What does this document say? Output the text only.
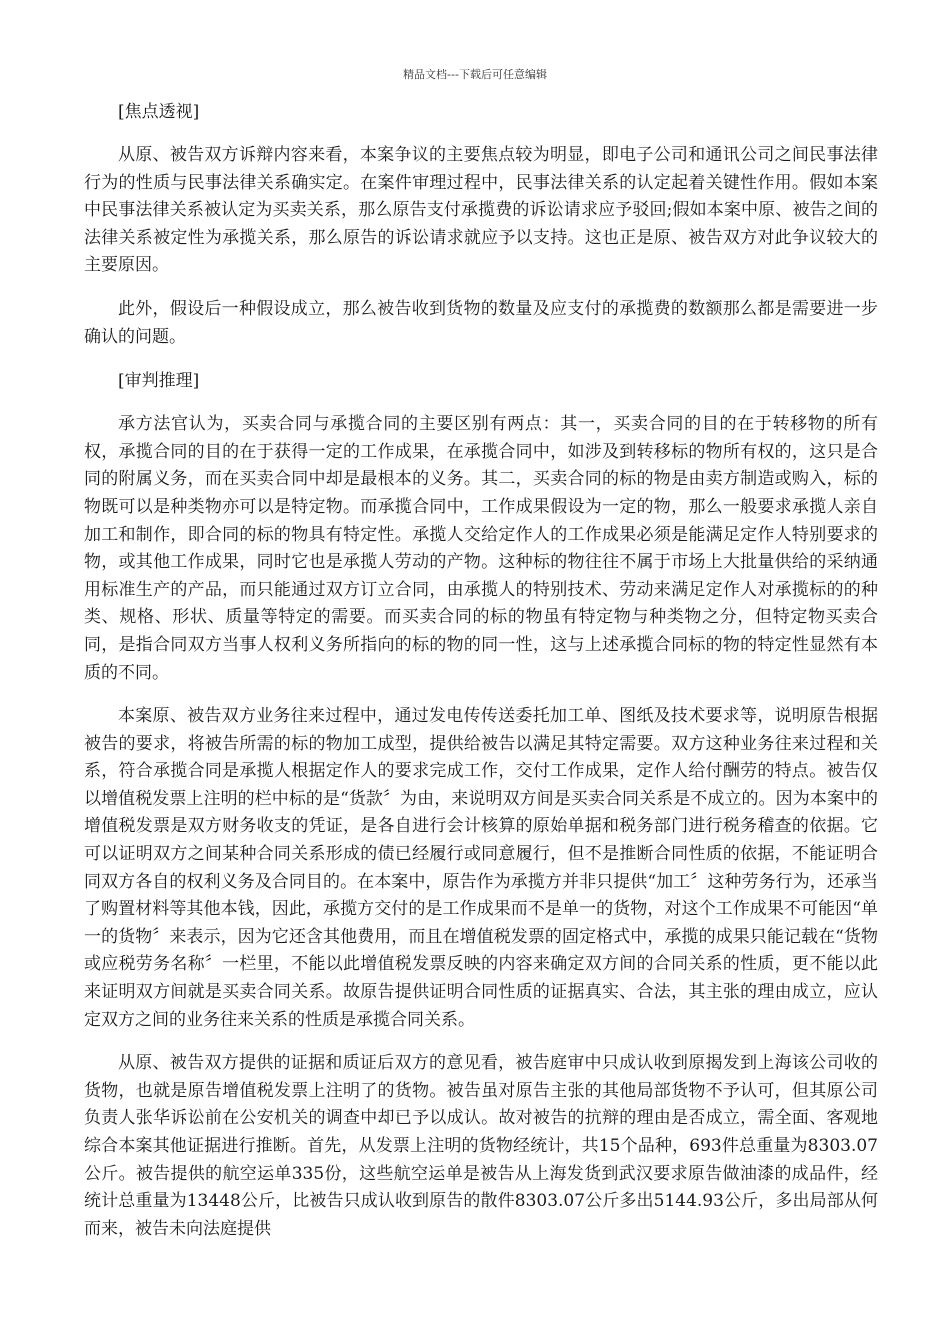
精品文档---下载后可任意编辑
[焦点透视]

从原、被告双方诉辩内容来看，本案争议的主要焦点较为明显，即电子公司和通讯公司之间民事法律行为的性质与民事法律关系确实定。在案件审理过程中，民事法律关系的认定起着关键性作用。假如本案中民事法律关系被认定为买卖关系，那么原告支付承揽费的诉讼请求应予驳回;假如本案中原、被告之间的法律关系被定性为承揽关系，那么原告的诉讼请求就应予以支持。这也正是原、被告双方对此争议较大的主要原因。

此外，假设后一种假设成立，那么被告收到货物的数量及应支付的承揽费的数额那么都是需要进一步确认的问题。

[审判推理]

承方法官认为，买卖合同与承揽合同的主要区别有两点：其一，买卖合同的目的在于转移物的所有权，承揽合同的目的在于获得一定的工作成果，在承揽合同中，如涉及到转移标的物所有权的，这只是合同的附属义务，而在买卖合同中却是最根本的义务。其二，买卖合同的标的物是由卖方制造或购入，标的物既可以是种类物亦可以是特定物。而承揽合同中，工作成果假设为一定的物，那么一般要求承揽人亲自加工和制作，即合同的标的物具有特定性。承揽人交给定作人的工作成果必须是能满足定作人特别要求的物，或其他工作成果，同时它也是承揽人劳动的产物。这种标的物往往不属于市场上大批量供给的采纳通用标准生产的产品，而只能通过双方订立合同，由承揽人的特别技术、劳动来满足定作人对承揽标的的种类、规格、形状、质量等特定的需要。而买卖合同的标的物虽有特定物与种类物之分，但特定物买卖合同，是指合同双方当事人权利义务所指向的标的物的同一性，这与上述承揽合同标的物的特定性显然有本质的不同。

本案原、被告双方业务往来过程中，通过发电传传送委托加工单、图纸及技术要求等，说明原告根据被告的要求，将被告所需的标的物加工成型，提供给被告以满足其特定需要。双方这种业务往来过程和关系，符合承揽合同是承揽人根据定作人的要求完成工作，交付工作成果，定作人给付酬劳的特点。被告仅以增值税发票上注明的栏中标的是“货款〞为由，来说明双方间是买卖合同关系是不成立的。因为本案中的增值税发票是双方财务收支的凭证，是各自进行会计核算的原始单据和税务部门进行税务稽查的依据。它可以证明双方之间某种合同关系形成的债已经履行或同意履行，但不是推断合同性质的依据，不能证明合同双方各自的权利义务及合同目的。在本案中，原告作为承揽方并非只提供“加工〞这种劳务行为，还承当了购置材料等其他本钱，因此，承揽方交付的是工作成果而不是单一的货物，对这个工作成果不可能因“单一的货物〞来表示，因为它还含其他费用，而且在增值税发票的固定格式中，承揽的成果只能记载在“货物或应税劳务名称〞一栏里，不能以此增值税发票反映的内容来确定双方间的合同关系的性质，更不能以此来证明双方间就是买卖合同关系。故原告提供证明合同性质的证据真实、合法，其主张的理由成立，应认定双方之间的业务往来关系的性质是承揽合同关系。

从原、被告双方提供的证据和质证后双方的意见看，被告庭审中只成认收到原揭发到上海该公司收的货物，也就是原告增值税发票上注明了的货物。被告虽对原告主张的其他局部货物不予认可，但其原公司负责人张华诉讼前在公安机关的调查中却已予以成认。故对被告的抗辩的理由是否成立，需全面、客观地综合本案其他证据进行推断。首先，从发票上注明的货物经统计，共15个品种，693件总重量为8303.07公斤。被告提供的航空运单335份，这些航空运单是被告从上海发货到武汉要求原告做油漆的成品件，经统计总重量为13448公斤，比被告只成认收到原告的散件8303.07公斤多出5144.93公斤，多出局部从何而来，被告未向法庭提供
